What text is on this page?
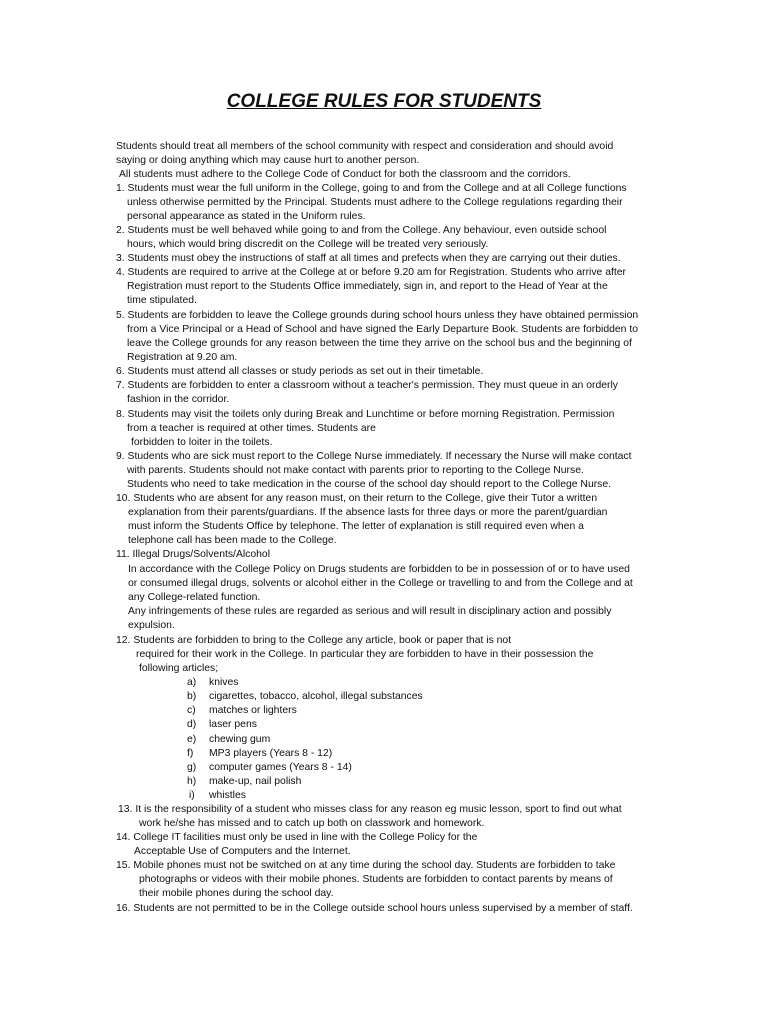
COLLEGE RULES FOR STUDENTS
Students should treat all members of the school community with respect and consideration and should avoid
saying or doing anything which may cause hurt to another person.
All students must adhere to the College Code of Conduct for both the classroom and the corridors.
1. Students must wear the full uniform in the College, going to and from the College and at all College functions
unless otherwise permitted by the Principal. Students must adhere to the College regulations regarding their
personal appearance as stated in the Uniform rules.
2. Students must be well behaved while going to and from the College. Any behaviour, even outside school
hours, which would bring discredit on the College will be treated very seriously.
3. Students must obey the instructions of staff at all times and prefects when they are carrying out their duties.
4. Students are required to arrive at the College at or before 9.20 am for Registration. Students who arrive after
Registration must report to the Students Office immediately, sign in, and report to the Head of Year at the
time stipulated.
5. Students are forbidden to leave the College grounds during school hours unless they have obtained permission
from a Vice Principal or a Head of School and have signed the Early Departure Book. Students are forbidden to
leave the College grounds for any reason between the time they arrive on the school bus and the beginning of
Registration at 9.20 am.
6. Students must attend all classes or study periods as set out in their timetable.
7. Students are forbidden to enter a classroom without a teacher's permission. They must queue in an orderly
fashion in the corridor.
8. Students may visit the toilets only during Break and Lunchtime or before morning Registration. Permission
from a teacher is required at other times. Students are
forbidden to loiter in the toilets.
9. Students who are sick must report to the College Nurse immediately. If necessary the Nurse will make contact
with parents. Students should not make contact with parents prior to reporting to the College Nurse.
Students who need to take medication in the course of the school day should report to the College Nurse.
10. Students who are absent for any reason must, on their return to the College, give their Tutor a written
explanation from their parents/guardians. If the absence lasts for three days or more the parent/guardian
must inform the Students Office by telephone. The letter of explanation is still required even when a
telephone call has been made to the College.
11. Illegal Drugs/Solvents/Alcohol
In accordance with the College Policy on Drugs students are forbidden to be in possession of or to have used
or consumed illegal drugs, solvents or alcohol either in the College or travelling to and from the College and at
any College-related function.
Any infringements of these rules are regarded as serious and will result in disciplinary action and possibly
expulsion.
12. Students are forbidden to bring to the College any article, book or paper that is not
required for their work in the College. In particular they are forbidden to have in their possession the
following articles;
a) knives
b) cigarettes, tobacco, alcohol, illegal substances
c) matches or lighters
d) laser pens
e) chewing gum
f) MP3 players (Years 8 - 12)
g) computer games (Years 8 - 14)
h) make-up, nail polish
i) whistles
13. It is the responsibility of a student who misses class for any reason eg music lesson, sport to find out what
work he/she has missed and to catch up both on classwork and homework.
14. College IT facilities must only be used in line with the College Policy for the
Acceptable Use of Computers and the Internet.
15. Mobile phones must not be switched on at any time during the school day. Students are forbidden to take
photographs or videos with their mobile phones. Students are forbidden to contact parents by means of
their mobile phones during the school day.
16. Students are not permitted to be in the College outside school hours unless supervised by a member of staff.
